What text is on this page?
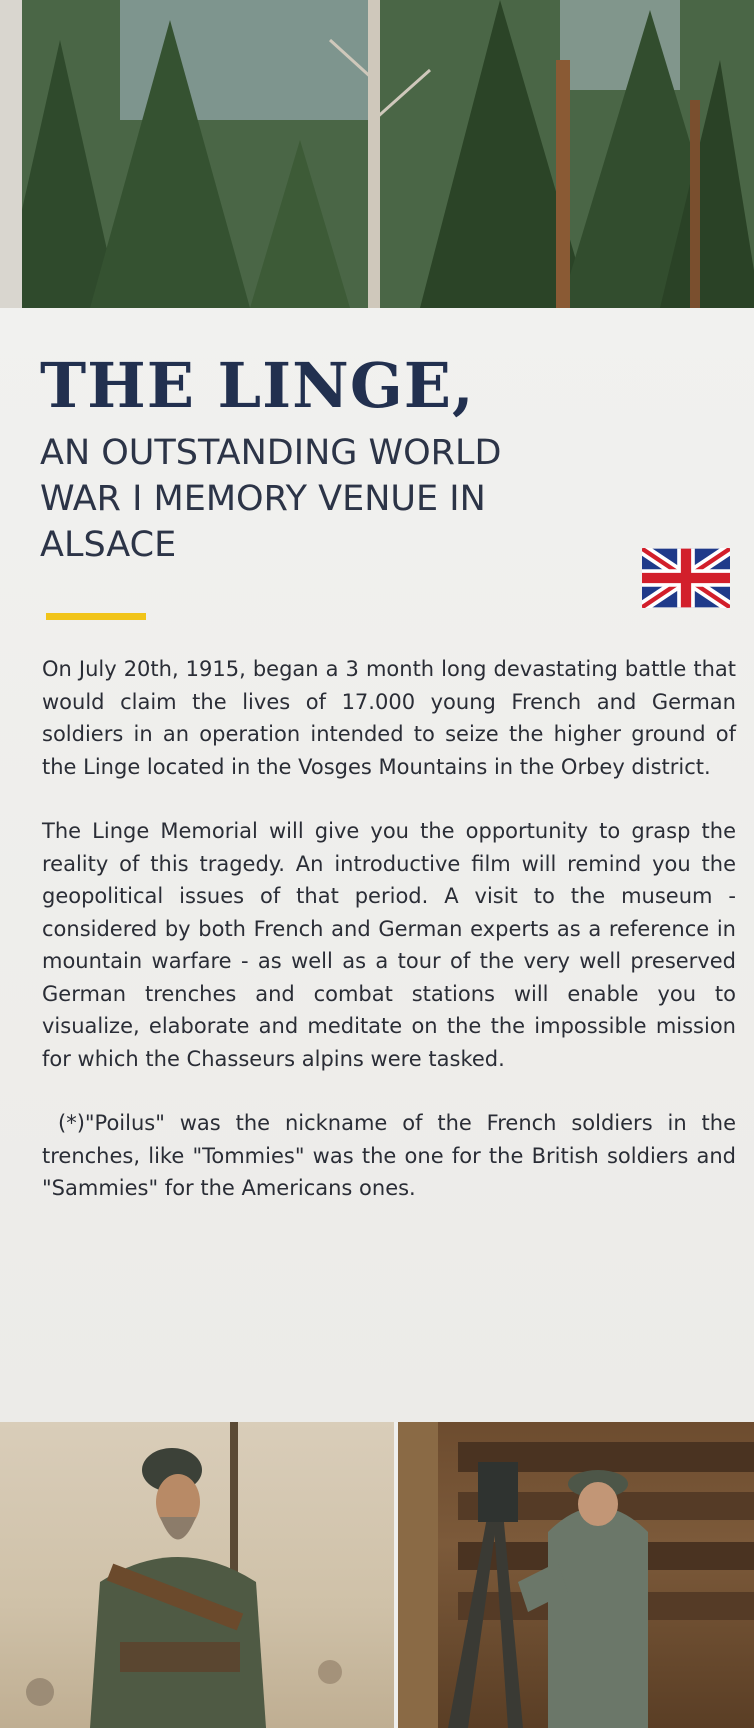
THE LINGE,
AN OUTSTANDING WORLD
WAR I MEMORY VENUE IN
ALSACE

On July 20th, 1915, began a 3 month long devastating battle that would claim the lives of 17.000 young French and German soldiers in an operation intended to seize the higher ground of the Linge located in the Vosges Mountains in the Orbey district.

The Linge Memorial will give you the opportunity to grasp the reality of this tragedy. An introductive film will remind you the geopolitical issues of that period. A visit to the museum - considered by both French and German experts as a reference in mountain warfare - as well as a tour of the very well preserved German trenches and combat stations will enable you to visualize, elaborate and meditate on the the impossible mission for which the Chasseurs alpins were tasked.

(*)"Poilus" was the nickname of the French soldiers in the trenches, like "Tommies" was the one for the British soldiers and "Sammies" for the Americans ones.
